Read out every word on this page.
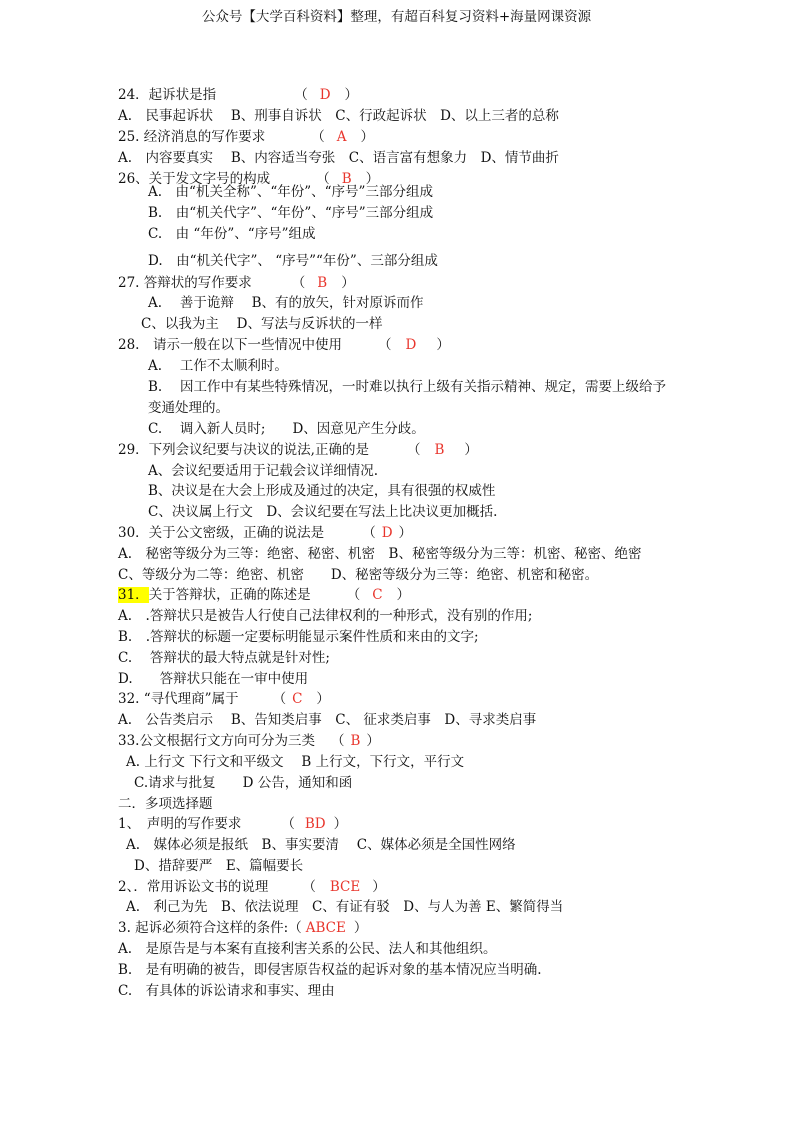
公众号【大学百科资料】整理，有超百科复习资料+海量网课资源
24．起诉状是指	（ D ）
A.　民事起诉状　 B、刑事自诉状　C、行政起诉状　D、以上三者的总称
25. 经济消息的写作要求	（ A ）
A.　内容要真实　 B、内容适当夸张　C、语言富有想象力　D、情节曲折
26、关于发文字号的构成	（ B ）
A.　由“机关全称”、“年份”、“序号”三部分组成
B.　由“机关代字”、“年份”、“序号”三部分组成
C.　由 “年份”、“序号”组成
D.　由“机关代字”、 “序号”“年份”、三部分组成
27. 答辩状的写作要求	（ B ）
A.　 善于诡辩　 B、有的放矢，针对原诉而作
C、以我为主　 D、写法与反诉状的一样
28.　请示一般在以下一些情况中使用	（ D ）
A.　 工作不太顺利时。
B.　 因工作中有某些特殊情况，一时难以执行上级有关指示精神、规定，需要上级给予
变通处理的。
C.　 调入新人员时;　　D、因意见产生分歧。
29．下列会议纪要与决议的说法,正确的是	（ B ）
A、会议纪要适用于记载会议详细情况.
B、决议是在大会上形成及通过的决定，具有很强的权威性
C、决议属上行文　D、会议纪要在写法上比决议更加概括.
30．关于公文密级，正确的说法是	（ D ）
A.　秘密等级分为三等：绝密、秘密、机密　B、秘密等级分为三等：机密、秘密、绝密
C、等级分为二等：绝密、机密　　D、秘密等级分为三等：绝密、机密和秘密。
31．关于答辩状，正确的陈述是	（ C ）
A.　.答辩状只是被告人行使自己法律权利的一种形式，没有别的作用;
B.　.答辩状的标题一定要标明能显示案件性质和来由的文字;
C.　 答辩状的最大特点就是针对性;
D.　　答辩状只能在一审中使用
32. “寻代理商”属于	（ C ）
A.　公告类启示　 B、告知类启事　C、 征求类启事　D、寻求类启事
33.公文根据行文方向可分为三类 （ B ）
A. 上行文 下行文和平级文　 B 上行文，下行文，平行文
C.请求与批复　　D 公告，通知和函
二．多项选择题
1、　声明的写作要求	（ BD ）
A.　媒体必须是报纸　B、事实要清　 C、媒体必须是全国性网络
D、措辞要严　E、篇幅要长
2、．常用诉讼文书的说理	（ BCE ）
A.　利己为先　B、依法说理　C、有证有驳　D、与人为善 E、繁简得当
3. 起诉必须符合这样的条件:（ ABCE ）
A.　是原告是与本案有直接利害关系的公民、法人和其他组织。
B.　是有明确的被告，即侵害原告权益的起诉对象的基本情况应当明确.
C.　有具体的诉讼请求和事实、理由
